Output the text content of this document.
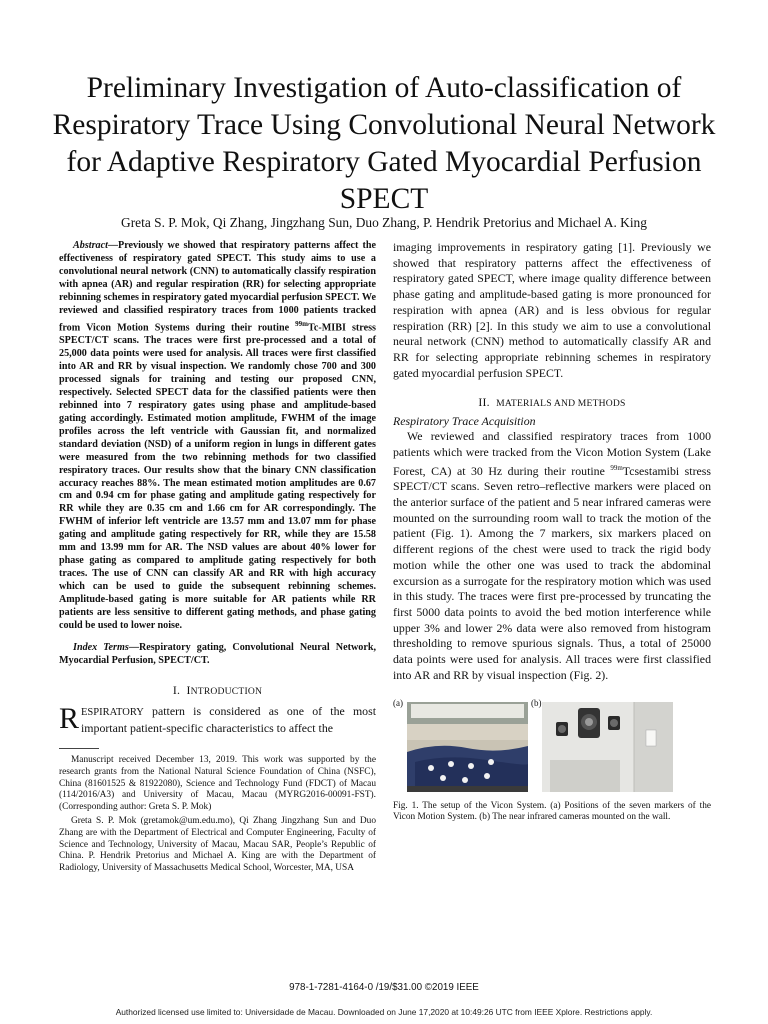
Preliminary Investigation of Auto-classification of Respiratory Trace Using Convolutional Neural Network for Adaptive Respiratory Gated Myocardial Perfusion SPECT
Greta S. P. Mok, Qi Zhang, Jingzhang Sun, Duo Zhang, P. Hendrik Pretorius and Michael A. King

Abstract—Previously we showed that respiratory patterns affect the effectiveness of respiratory gated SPECT. This study aims to use a convolutional neural network (CNN) to automatically classify respiration with apnea (AR) and regular respiration (RR) for selecting appropriate rebinning schemes in respiratory gated myocardial perfusion SPECT. We reviewed and classified respiratory traces from 1000 patients tracked from Vicon Motion Systems during their routine $^{99m}$Tc-MIBI stress SPECT/CT scans. The traces were first pre-processed and a total of 25,000 data points were used for analysis. All traces were first classified into AR and RR by visual inspection. We randomly chose 700 and 300 processed signals for training and testing our proposed CNN, respectively. Selected SPECT data for the classified patients were then rebinned into 7 respiratory gates using phase and amplitude-based gating accordingly. Estimated motion amplitude, FWHM of the image profiles across the left ventricle with Gaussian fit, and normalized standard deviation (NSD) of a uniform region in lungs in different gates were measured from the two rebinning methods for two classified respiratory traces. Our results show that the binary CNN classification accuracy reaches 88%. The mean estimated motion amplitudes are 0.67 cm and 0.94 cm for phase gating and amplitude gating respectively for RR while they are 0.35 cm and 1.66 cm for AR correspondingly. The FWHM of inferior left ventricle are 13.57 mm and 13.07 mm for phase gating and amplitude gating respectively for RR, while they are 15.58 mm and 13.99 mm for AR. The NSD values are about 40% lower for phase gating as compared to amplitude gating respectively for both traces. The use of CNN can classify AR and RR with high accuracy which can be used to guide the subsequent rebinning schemes. Amplitude-based gating is more suitable for AR patients while RR patients are less sensitive to different gating methods, and phase gating could be used to lower noise.

Index Terms—Respiratory gating, Convolutional Neural Network, Myocardial Perfusion, SPECT/CT.

I. INTRODUCTION

RESPIRATORY pattern is considered as one of the most important patient-specific characteristics to affect the

Manuscript received December 13, 2019. This work was supported by the research grants from the National Natural Science Foundation of China (NSFC), China (81601525 & 81922080), Science and Technology Fund (FDCT) of Macau (114/2016/A3) and University of Macau, Macau (MYRG2016-00091-FST). (Corresponding author: Greta S. P. Mok)

Greta S. P. Mok (gretamok@um.edu.mo), Qi Zhang Jingzhang Sun and Duo Zhang are with the Department of Electrical and Computer Engineering, Faculty of Science and Technology, University of Macau, Macau SAR, People’s Republic of China. P. Hendrik Pretorius and Michael A. King are with the Department of Radiology, University of Massachusetts Medical School, Worcester, MA, USA

imaging improvements in respiratory gating [1]. Previously we showed that respiratory patterns affect the effectiveness of respiratory gated SPECT, where image quality difference between phase gating and amplitude-based gating is more pronounced for respiration with apnea (AR) and is less obvious for regular respiration (RR) [2]. In this study we aim to use a convolutional neural network (CNN) method to automatically classify AR and RR for selecting appropriate rebinning schemes in respiratory gated myocardial perfusion SPECT.

II. MATERIALS AND METHODS

Respiratory Trace Acquisition

We reviewed and classified respiratory traces from 1000 patients which were tracked from the Vicon Motion System (Lake Forest, CA) at 30 Hz during their routine $^{99m}$Tcsestamibi stress SPECT/CT scans. Seven retro–reflective markers were placed on the anterior surface of the patient and 5 near infrared cameras were mounted on the surrounding room wall to track the motion of the patient (Fig. 1). Among the 7 markers, six markers placed on different regions of the chest were used to track the rigid body motion while the other one was used to track the abdominal excursion as a surrogate for the respiratory motion which was used in this study. The traces were first pre-processed by truncating the first 5000 data points to avoid the bed motion interference while upper 3% and lower 2% data were also removed from histogram thresholding to remove spurious signals. Thus, a total of 25000 data points were used for analysis. All traces were first classified into AR and RR by visual inspection (Fig. 2).

(a)	(b)

Fig. 1. The setup of the Vicon System. (a) Positions of the seven markers of the Vicon Motion System. (b) The near infrared cameras mounted on the wall.

978-1-7281-4164-0 /19/$31.00 ©2019 IEEE
Authorized licensed use limited to: Universidade de Macau. Downloaded on June 17,2020 at 10:49:26 UTC from IEEE Xplore. Restrictions apply.
